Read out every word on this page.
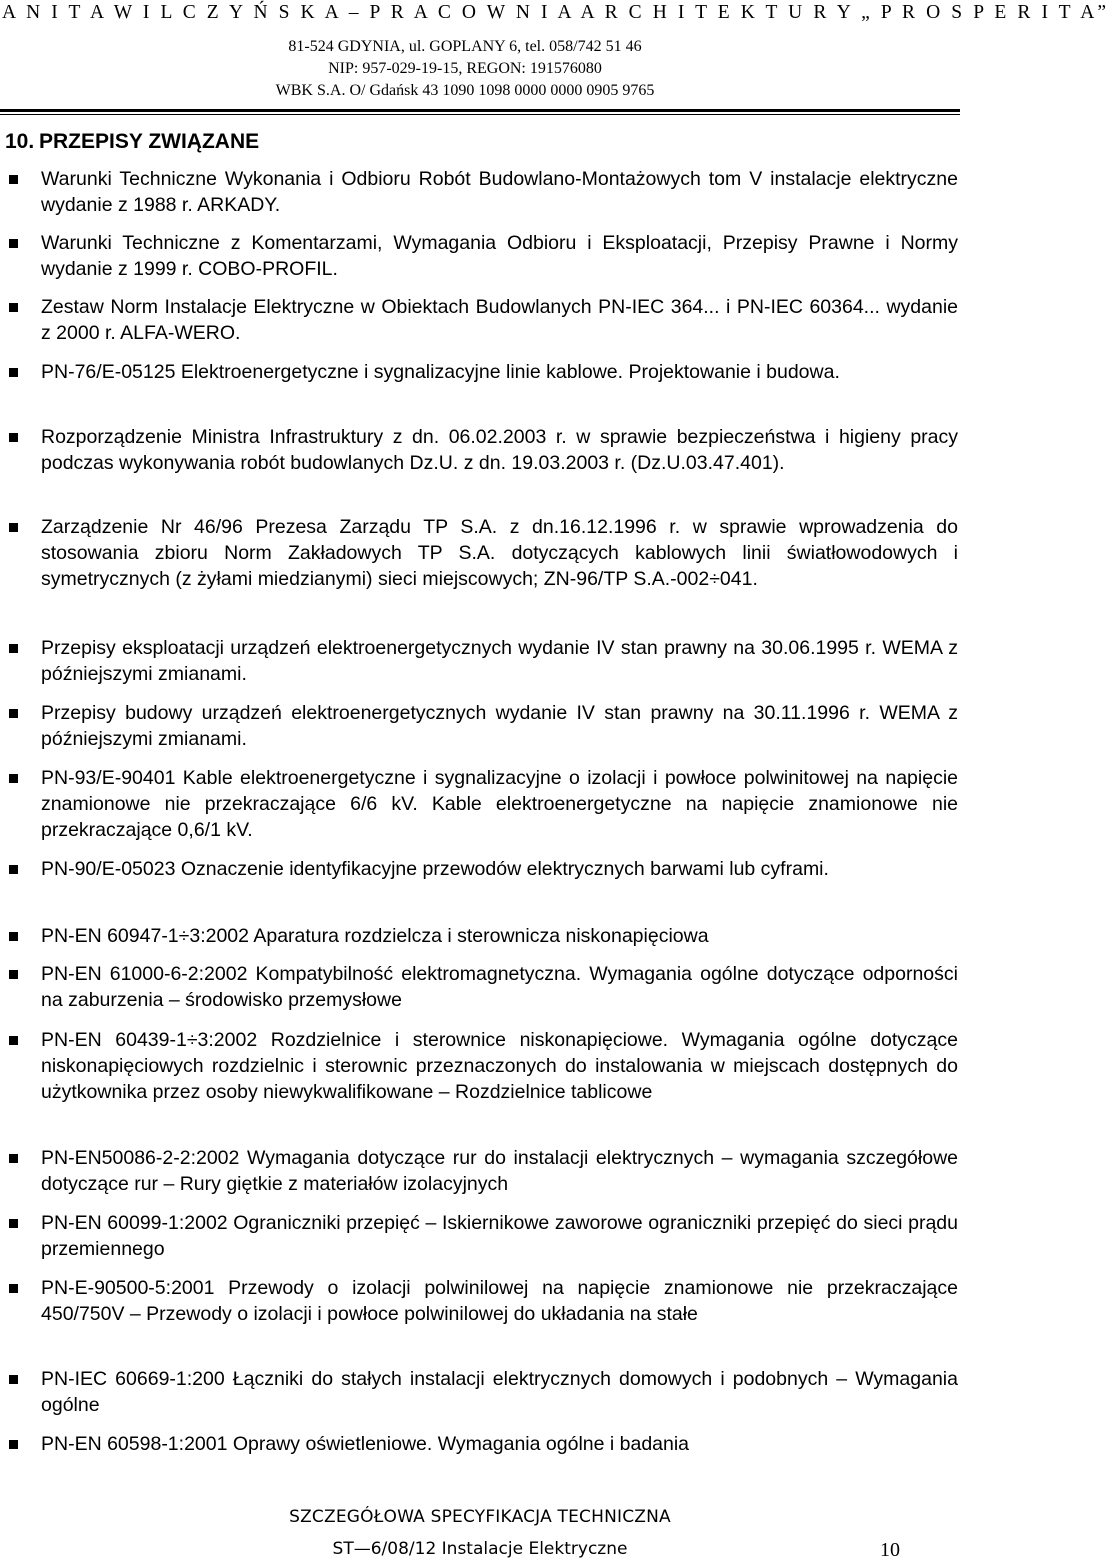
A N I T A W I L C Z Y Ń S K A – P R A C O W N I A A R C H I T E K T U R Y „ P R O S P E R I T A”
81-524 GDYNIA, ul. GOPLANY 6, tel. 058/742 51 46
NIP: 957-029-19-15, REGON: 191576080
WBK S.A. O/ Gdańsk 43 1090 1098 0000 0000 0905 9765
10. PRZEPISY ZWIĄZANE
Warunki Techniczne Wykonania i Odbioru Robót Budowlano-Montażowych tom V instalacje elektryczne wydanie z 1988 r. ARKADY.
Warunki Techniczne z Komentarzami, Wymagania Odbioru i Eksploatacji, Przepisy Prawne i Normy wydanie z 1999 r. COBO-PROFIL.
Zestaw Norm Instalacje Elektryczne w Obiektach Budowlanych PN-IEC 364... i PN-IEC 60364... wydanie z 2000 r. ALFA-WERO.
PN-76/E-05125 Elektroenergetyczne i sygnalizacyjne linie kablowe. Projektowanie i budowa.
Rozporządzenie Ministra Infrastruktury z dn. 06.02.2003 r. w sprawie bezpieczeństwa i higieny pracy podczas wykonywania robót budowlanych Dz.U. z dn. 19.03.2003 r. (Dz.U.03.47.401).
Zarządzenie Nr 46/96 Prezesa Zarządu TP S.A. z dn.16.12.1996 r. w sprawie wprowadzenia do stosowania zbioru Norm Zakładowych TP S.A. dotyczących kablowych linii światłowodowych i symetrycznych (z żyłami miedzianymi) sieci miejscowych; ZN-96/TP S.A.-002÷041.
Przepisy eksploatacji urządzeń elektroenergetycznych wydanie IV stan prawny na 30.06.1995 r. WEMA z późniejszymi zmianami.
Przepisy budowy urządzeń elektroenergetycznych wydanie IV stan prawny na 30.11.1996 r. WEMA z późniejszymi zmianami.
PN-93/E-90401 Kable elektroenergetyczne i sygnalizacyjne o izolacji i powłoce polwinitowej na napięcie znamionowe nie przekraczające 6/6 kV. Kable elektroenergetyczne na napięcie znamionowe nie przekraczające 0,6/1 kV.
PN-90/E-05023 Oznaczenie identyfikacyjne przewodów elektrycznych barwami lub cyframi.
PN-EN 60947-1÷3:2002 Aparatura rozdzielcza i sterownicza niskonapięciowa
PN-EN 61000-6-2:2002 Kompatybilność elektromagnetyczna. Wymagania ogólne dotyczące odporności na zaburzenia – środowisko przemysłowe
PN-EN 60439-1÷3:2002 Rozdzielnice i sterownice niskonapięciowe. Wymagania ogólne dotyczące niskonapięciowych rozdzielnic i sterownic przeznaczonych do instalowania w miejscach dostępnych do użytkownika przez osoby niewykwalifikowane – Rozdzielnice tablicowe
PN-EN50086-2-2:2002 Wymagania dotyczące rur do instalacji elektrycznych – wymagania szczegółowe dotyczące rur – Rury giętkie z materiałów izolacyjnych
PN-EN 60099-1:2002 Ograniczniki przepięć – Iskiernikowe zaworowe ograniczniki przepięć do sieci prądu przemiennego
PN-E-90500-5:2001 Przewody o izolacji polwinilowej na napięcie znamionowe nie przekraczające 450/750V – Przewody o izolacji i powłoce polwinilowej do układania na stałe
PN-IEC 60669-1:200 Łączniki do stałych instalacji elektrycznych domowych i podobnych – Wymagania ogólne
PN-EN 60598-1:2001 Oprawy oświetleniowe. Wymagania ogólne i badania
SZCZEGÓŁOWA SPECYFIKACJA TECHNICZNA
ST—6/08/12 Instalacje Elektryczne	10
